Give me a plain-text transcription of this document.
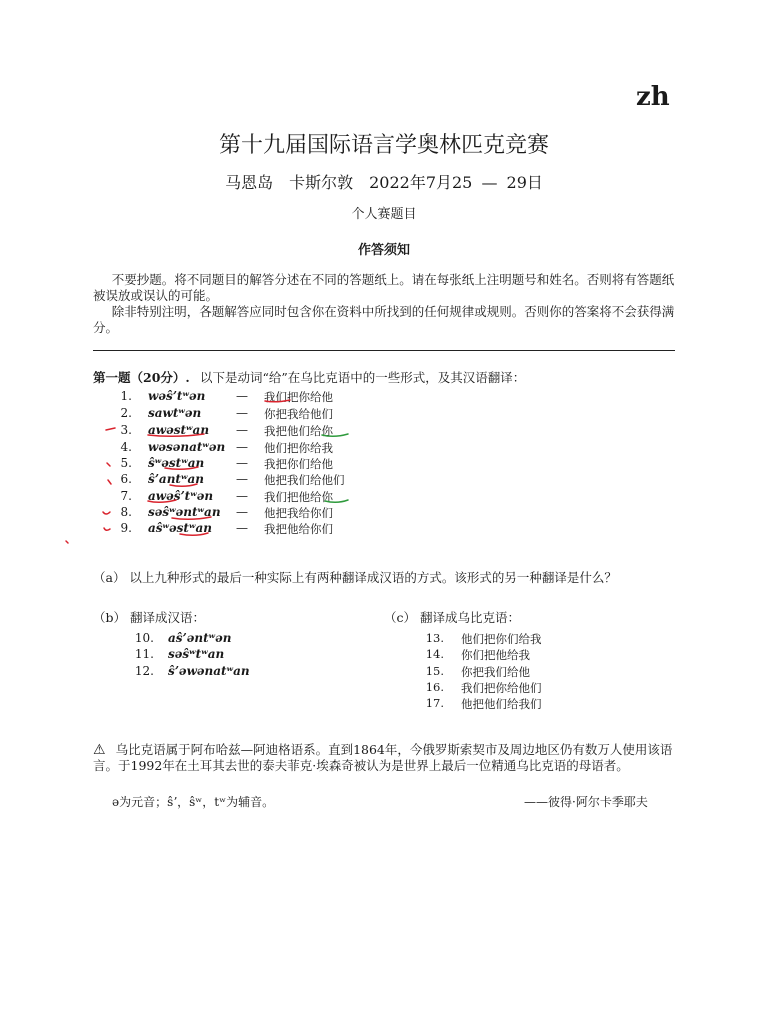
zh
第十九届国际语言学奥林匹克竞赛
马恩岛　卡斯尔敦　2022年7月25 — 29日
个人赛题目
作答须知
  不要抄题。将不同题目的解答分述在不同的答题纸上。请在每张纸上注明题号和姓名。否则将有答题纸被误放或误认的可能。
  除非特别注明，各题解答应同时包含你在资料中所找到的任何规律或规则。否则你的答案将不会获得满分。
第一题（20分）.  以下是动词“给”在乌比克语中的一些形式，及其汉语翻译：
1. wəŝʼtʷən	— 我们把你给他
2. sawtʷən	— 你把我给他们
3. awəstʷan — 我把他们给你
4. wəsənatʷən — 他们把你给我
5. ŝʷəstʷan	— 我把你们给他
6. ŝʼantʷan	— 他把我们给他们
7. awəŝʼtʷən — 我们把他给你
8. səŝʷəntʷan — 他把我给你们
9. aŝʷəstʷan — 我把他给你们
（a） 以上九种形式的最后一种实际上有两种翻译成汉语的方式。该形式的另一种翻译是什么？
（b） 翻译成汉语：	（c） 翻译成乌比克语：
10. aŝʼəntʷən
11. səŝʷtʷan
12. ŝʼəwənatʷan
13. 他们把你们给我
14. 你们把他给我
15. 你把我们给他
16. 我们把你给他们
17. 他把他们给我们
⚠ 乌比克语属于阿布哈兹—阿迪格语系。直到1864年，今俄罗斯索契市及周边地区仍有数万人使用该语言。于1992年在土耳其去世的泰夫菲克·埃森奇被认为是世界上最后一位精通乌比克语的母语者。
ə为元音；ŝʼ，ŝʷ，tʷ为辅音。	——彼得·阿尔卡季耶夫
